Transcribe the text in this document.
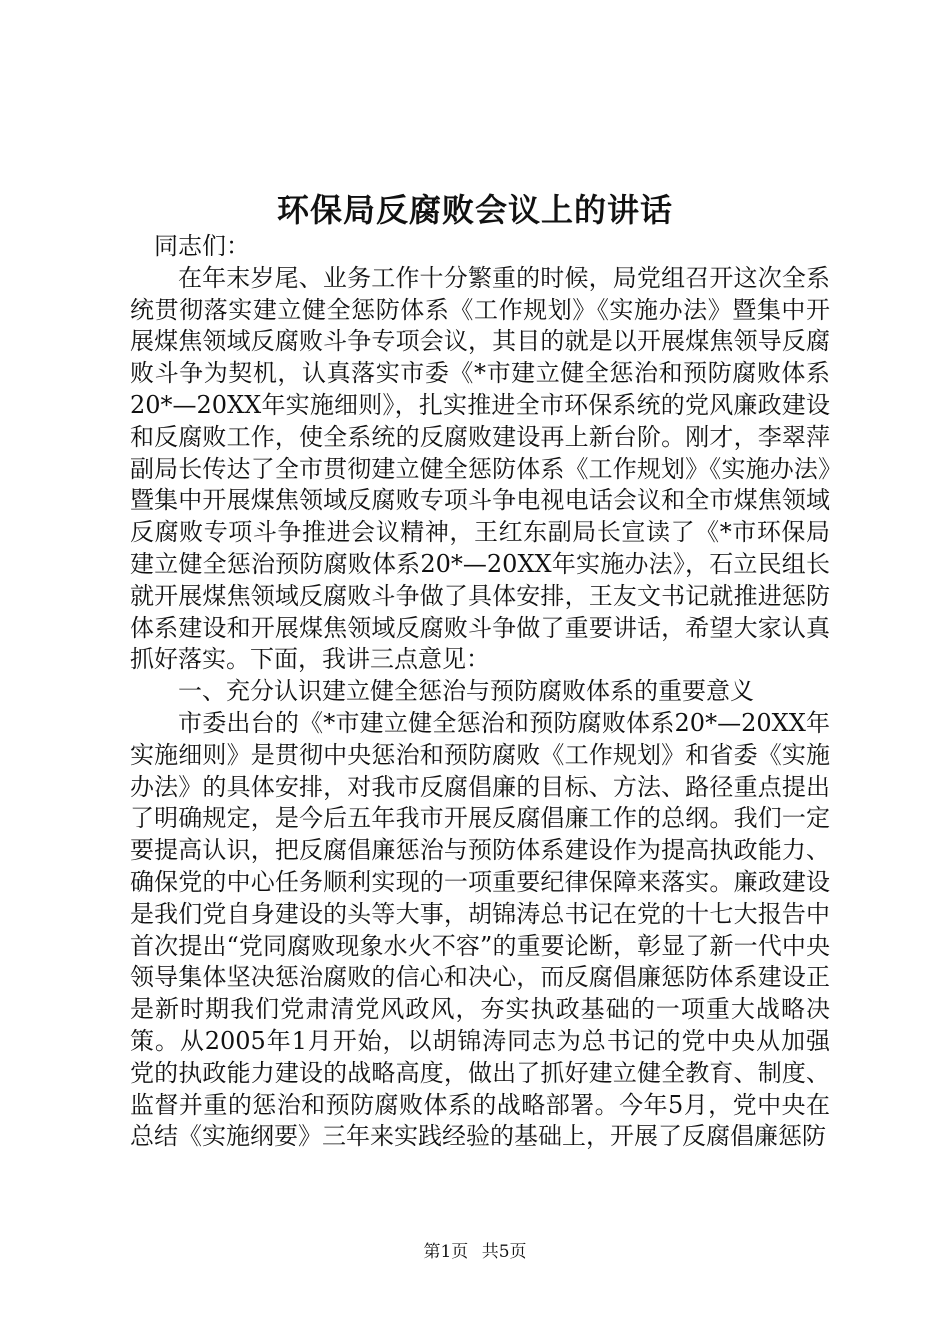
环保局反腐败会议上的讲话

同志们：

在年末岁尾、业务工作十分繁重的时候，局党组召开这次全系统贯彻落实建立健全惩防体系《工作规划》《实施办法》暨集中开展煤焦领域反腐败斗争专项会议，其目的就是以开展煤焦领导反腐败斗争为契机，认真落实市委《*市建立健全惩治和预防腐败体系20*—20XX年实施细则》，扎实推进全市环保系统的党风廉政建设和反腐败工作，使全系统的反腐败建设再上新台阶。刚才，李翠萍副局长传达了全市贯彻建立健全惩防体系《工作规划》《实施办法》暨集中开展煤焦领域反腐败专项斗争电视电话会议和全市煤焦领域反腐败专项斗争推进会议精神，王红东副局长宣读了《*市环保局建立健全惩治预防腐败体系20*—20XX年实施办法》，石立民组长就开展煤焦领域反腐败斗争做了具体安排，王友文书记就推进惩防体系建设和开展煤焦领域反腐败斗争做了重要讲话，希望大家认真抓好落实。下面，我讲三点意见：

一、充分认识建立健全惩治与预防腐败体系的重要意义

市委出台的《*市建立健全惩治和预防腐败体系20*—20XX年实施细则》是贯彻中央惩治和预防腐败《工作规划》和省委《实施办法》的具体安排，对我市反腐倡廉的目标、方法、路径重点提出了明确规定，是今后五年我市开展反腐倡廉工作的总纲。我们一定要提高认识，把反腐倡廉惩治与预防体系建设作为提高执政能力、确保党的中心任务顺利实现的一项重要纪律保障来落实。廉政建设是我们党自身建设的头等大事，胡锦涛总书记在党的十七大报告中首次提出“党同腐败现象水火不容”的重要论断，彰显了新一代中央领导集体坚决惩治腐败的信心和决心，而反腐倡廉惩防体系建设正是新时期我们党肃清党风政风，夯实执政基础的一项重大战略决策。从2005年1月开始，以胡锦涛同志为总书记的党中央从加强党的执政能力建设的战略高度，做出了抓好建立健全教育、制度、监督并重的惩治和预防腐败体系的战略部署。今年5月，党中央在总结《实施纲要》三年来实践经验的基础上，开展了反腐倡廉惩防

第1页 共5页
